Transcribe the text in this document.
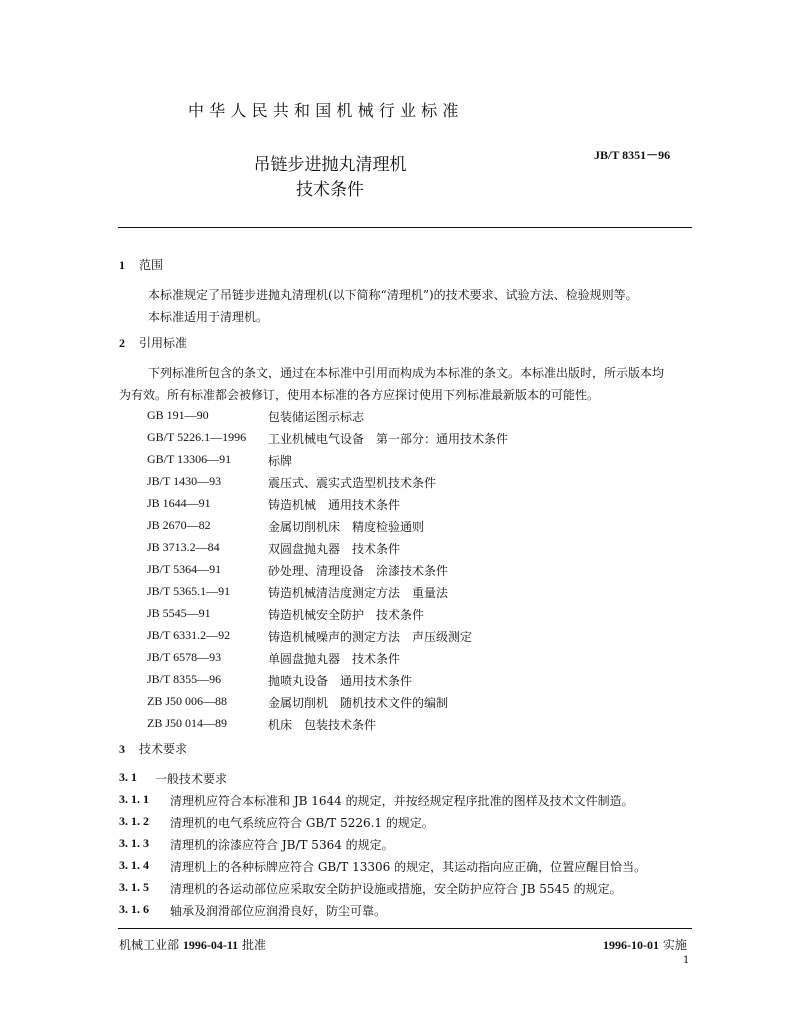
中华人民共和国机械行业标准
JB/T 8351－96
吊链步进抛丸清理机
技术条件
1 范围
本标准规定了吊链步进抛丸清理机(以下简称“清理机”)的技术要求、试验方法、检验规则等。
本标准适用于清理机。
2 引用标准
下列标准所包含的条文，通过在本标准中引用而构成为本标准的条文。本标准出版时，所示版本均
为有效。所有标准都会被修订，使用本标准的各方应探讨使用下列标准最新版本的可能性。
GB 191—90	包装储运图示标志
GB/T 5226.1—1996 工业机械电气设备　第一部分：通用技术条件
GB/T 13306—91	标牌
JB/T 1430—93	震压式、震实式造型机技术条件
JB 1644—91	铸造机械　通用技术条件
JB 2670—82	金属切削机床　精度检验通则
JB 3713.2—84	双圆盘抛丸器　技术条件
JB/T 5364—91	砂处理、清理设备　涂漆技术条件
JB/T 5365.1—91	铸造机械清洁度测定方法　重量法
JB 5545—91	铸造机械安全防护　技术条件
JB/T 6331.2—92	铸造机械噪声的测定方法　声压级测定
JB/T 6578—93	单圆盘抛丸器　技术条件
JB/T 8355—96	抛喷丸设备　通用技术条件
ZB J50 006—88	金属切削机　随机技术文件的编制
ZB J50 014—89	机床　包装技术条件
3 技术要求
3. 1 一般技术要求
3. 1. 1 清理机应符合本标准和 JB 1644 的规定，并按经规定程序批准的图样及技术文件制造。
3. 1. 2 清理机的电气系统应符合 GB/T 5226.1 的规定。
3. 1. 3 清理机的涂漆应符合 JB/T 5364 的规定。
3. 1. 4 清理机上的各种标牌应符合 GB/T 13306 的规定，其运动指向应正确，位置应醒目恰当。
3. 1. 5 清理机的各运动部位应采取安全防护设施或措施，安全防护应符合 JB 5545 的规定。
3. 1. 6 轴承及润滑部位应润滑良好，防尘可靠。
机械工业部 1996-04-11 批准	1996-10-01 实施
1
